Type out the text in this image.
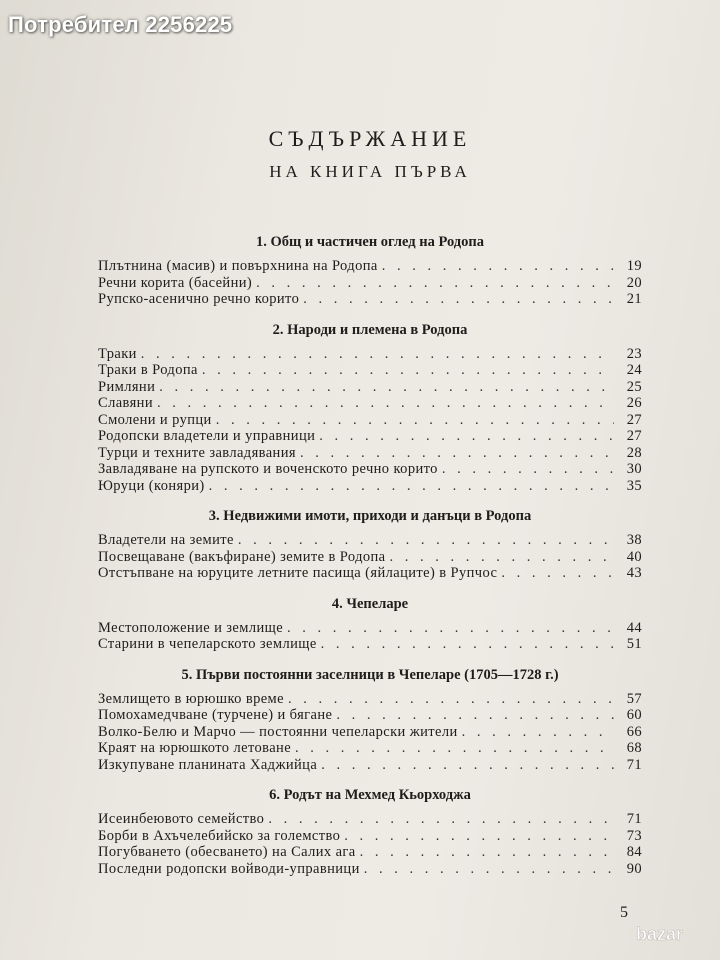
Потребител 2256225
СЪДЪРЖАНИЕ
НА КНИГА ПЪРВА
1. Общ и частичен оглед на Родопа
Плътнина (масив) и повърхнина на Родопа . . .	19
Речни корита (басейни) . . .	20
Рупско-асенично речно корито . . .	21
2. Народи и племена в Родопа
Траки . . .	23
Траки в Родопа . . .	24
Римляни . . .	25
Славяни . . .	26
Смолени и рупци . . .	27
Родопски владетели и управници . . .	27
Турци и техните завладявания . . .	28
Завладяване на рупското и воченското речно корито . . .	30
Юруци (коняри) . . .	35
3. Недвижими имоти, приходи и данъци в Родопа
Владетели на земите . . .	38
Посвещаване (вакъфиране) земите в Родопа . . .	40
Отстъпване на юруците летните пасища (яйлаците) в Рупчос . . .	43
4. Чепеларе
Местоположение и землище . . .	44
Старини в чепеларското землище . . .	51
5. Първи постоянни заселници в Чепеларе (1705—1728 г.)
Землището в юрюшко време . . .	57
Помохамедчване (турчене) и бягане . . .	60
Волко-Белю и Марчо — постоянни чепеларски жители . . .	66
Краят на юрюшкото летоване . . .	68
Изкупуване планината Хаджийца . . .	71
6. Родът на Мехмед Кьорходжа
Исеинбеювото семейство . . .	71
Борби в Ахъчелебийско за големство . . .	73
Погубването (обесването) на Салих ага . . .	84
Последни родопски войводи-управници . . .	90
5
bazar
